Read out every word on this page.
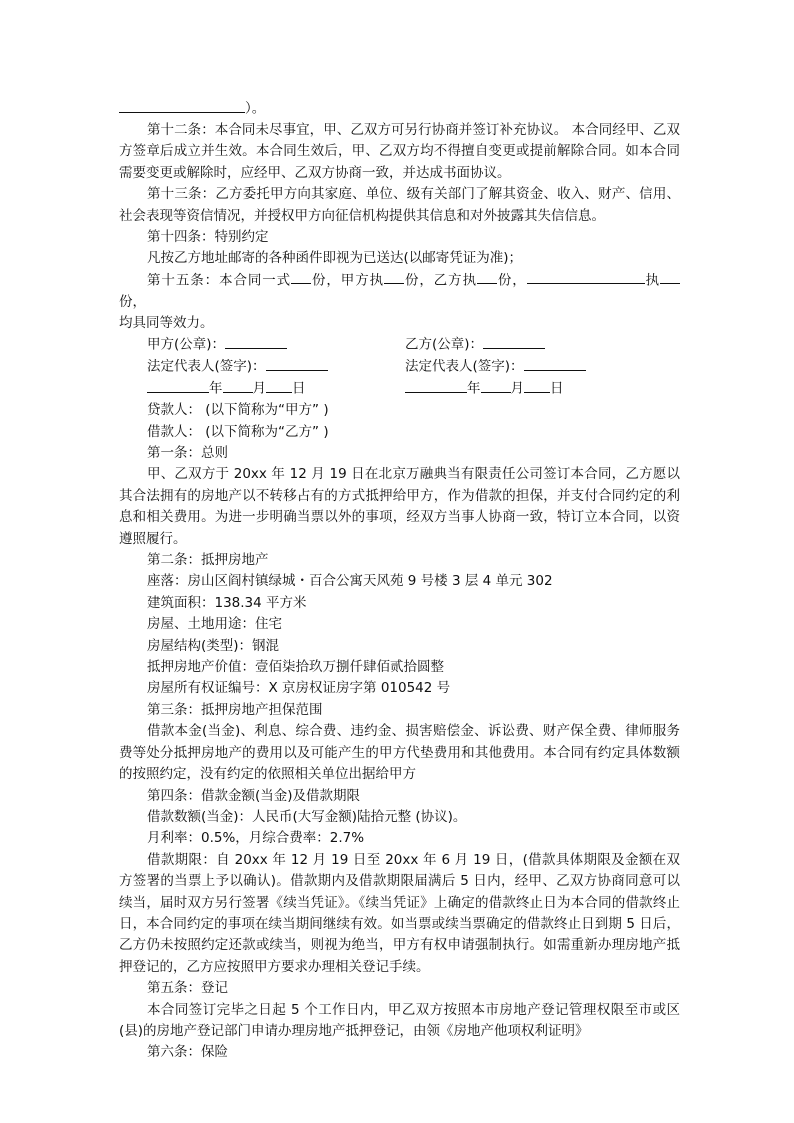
）。
第十二条：本合同未尽事宜，甲、乙双方可另行协商并签订补充协议。 本合同经甲、乙双方签章后成立并生效。本合同生效后，甲、乙双方均不得擅自变更或提前解除合同。如本合同需要变更或解除时，应经甲、乙双方协商一致，并达成书面协议。
第十三条：乙方委托甲方向其家庭、单位、级有关部门了解其资金、收入、财产、信用、社会表现等资信情况，并授权甲方向征信机构提供其信息和对外披露其失信信息。
第十四条：特别约定
凡按乙方地址邮寄的各种函件即视为已送达(以邮寄凭证为准)；
第十五条：本合同一式 份，甲方执 份，乙方执 份，	执份，
均具同等效力。
甲方(公章)：	乙方(公章)：
法定代表人(签字)：	法定代表人(签字)：
年 月 日	年 月 日
贷款人： (以下简称为“甲方” )
借款人： (以下简称为“乙方” )
第一条：总则
甲、乙双方于 20xx 年 12 月 19 日在北京万融典当有限责任公司签订本合同，乙方愿以其合法拥有的房地产以不转移占有的方式抵押给甲方，作为借款的担保，并支付合同约定的利息和相关费用。为进一步明确当票以外的事项，经双方当事人协商一致，特订立本合同，以资遵照履行。
第二条：抵押房地产
座落：房山区阎村镇绿城・百合公寓天风苑 9 号楼 3 层 4 单元 302
建筑面积：138.34 平方米
房屋、土地用途：住宅
房屋结构(类型)：钢混
抵押房地产价值：壹佰柒拾玖万捌仟肆佰贰拾圆整
房屋所有权证编号：X 京房权证房字第 010542 号
第三条：抵押房地产担保范围
借款本金(当金)、利息、综合费、违约金、损害赔偿金、诉讼费、财产保全费、律师服务费等处分抵押房地产的费用以及可能产生的甲方代垫费用和其他费用。本合同有约定具体数额的按照约定，没有约定的依照相关单位出据给甲方
第四条：借款金额(当金)及借款期限
借款数额(当金)：人民币(大写金额)陆拾元整 (协议)。
月利率：0.5%，月综合费率：2.7%
借款期限：自 20xx 年 12 月 19 日至 20xx 年 6 月 19 日，(借款具体期限及金额在双方签署的当票上予以确认)。借款期内及借款期限届满后 5 日内，经甲、乙双方协商同意可以续当，届时双方另行签署《续当凭证》。《续当凭证》上确定的借款终止日为本合同的借款终止日，本合同约定的事项在续当期间继续有效。如当票或续当票确定的借款终止日到期 5 日后，乙方仍未按照约定还款或续当，则视为绝当，甲方有权申请强制执行。如需重新办理房地产抵押登记的，乙方应按照甲方要求办理相关登记手续。
第五条：登记
本合同签订完毕之日起 5 个工作日内，甲乙双方按照本市房地产登记管理权限至市或区(县)的房地产登记部门申请办理房地产抵押登记，由领《房地产他项权利证明》
第六条：保险
